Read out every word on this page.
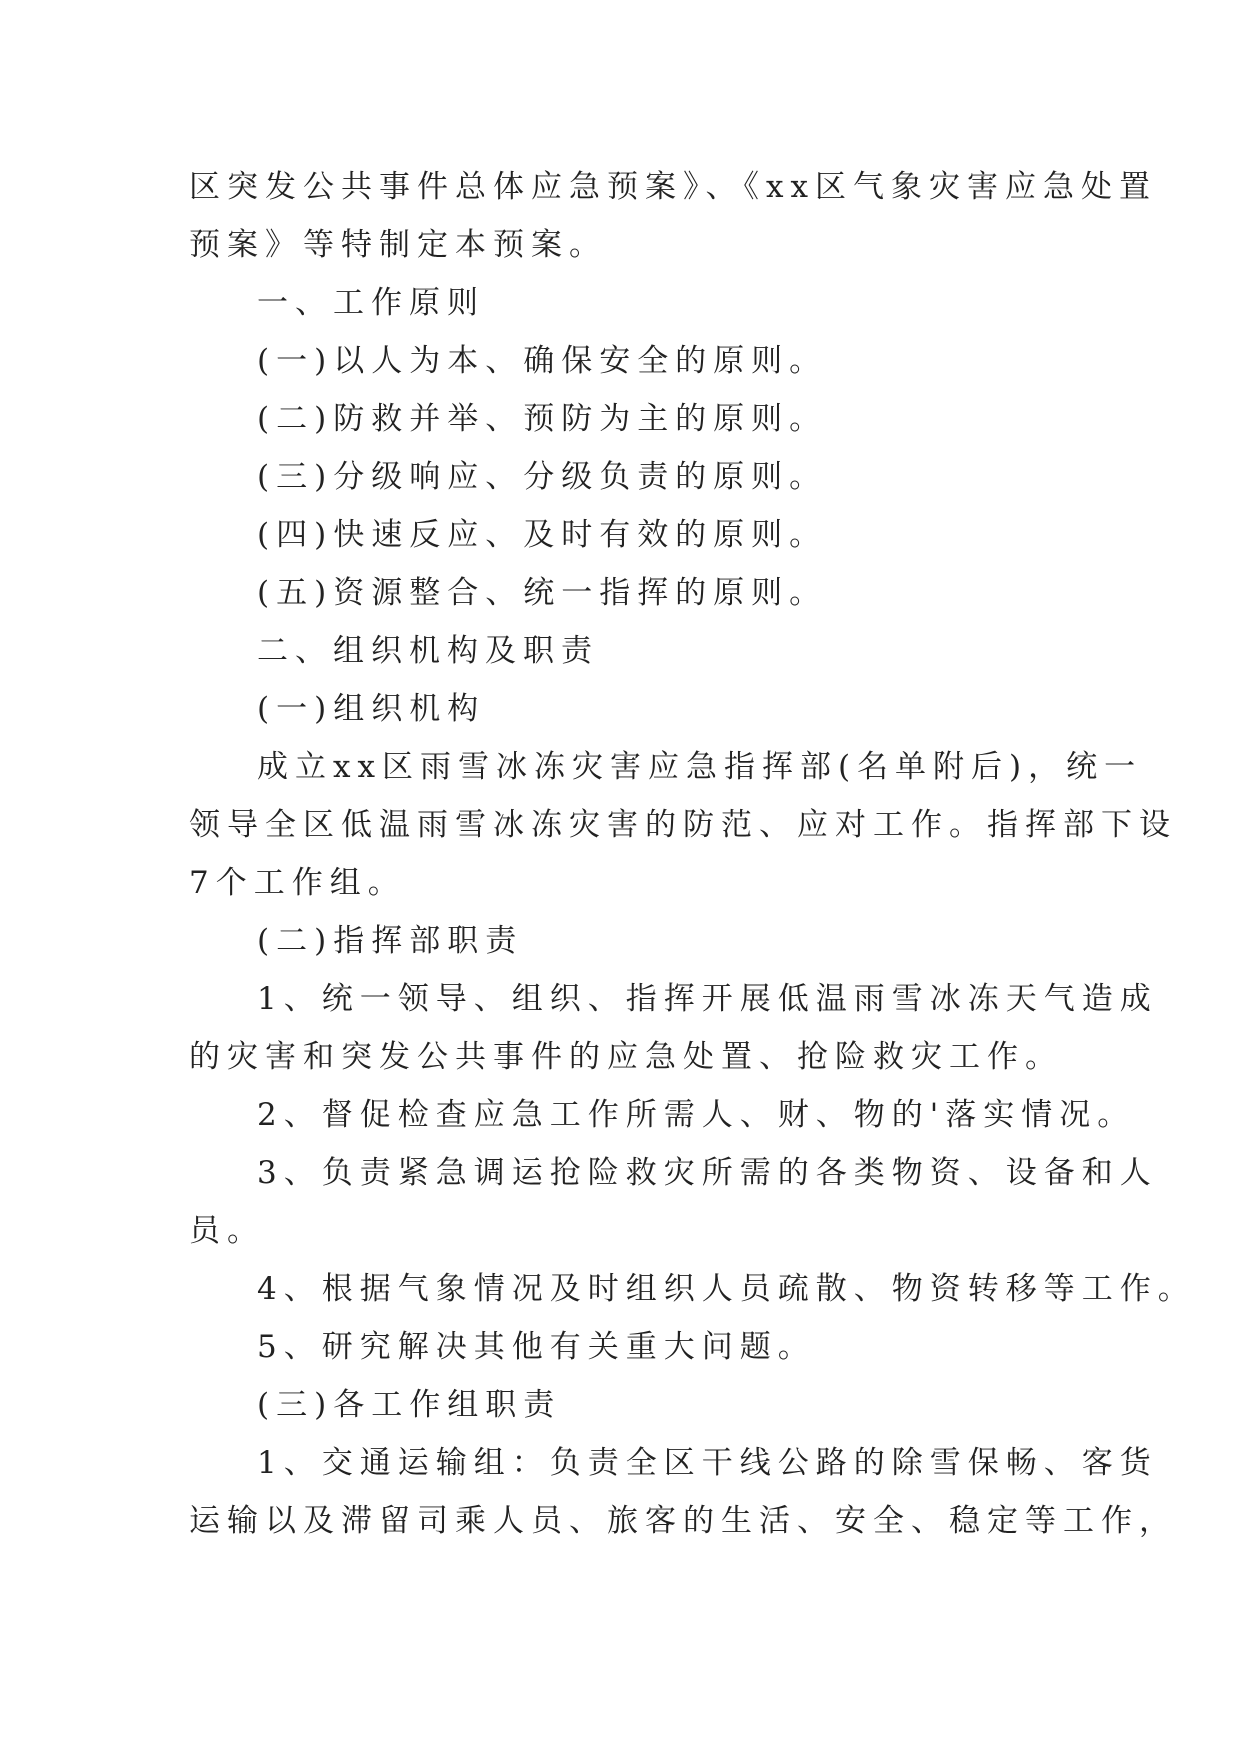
区突发公共事件总体应急预案》、《xx区气象灾害应急处置
预案》等特制定本预案。
一、工作原则
(一)以人为本、确保安全的原则。
(二)防救并举、预防为主的原则。
(三)分级响应、分级负责的原则。
(四)快速反应、及时有效的原则。
(五)资源整合、统一指挥的原则。
二、组织机构及职责
(一)组织机构
成立xx区雨雪冰冻灾害应急指挥部(名单附后)，统一
领导全区低温雨雪冰冻灾害的防范、应对工作。指挥部下设
7个工作组。
(二)指挥部职责
1、统一领导、组织、指挥开展低温雨雪冰冻天气造成
的灾害和突发公共事件的应急处置、抢险救灾工作。
2、督促检查应急工作所需人、财、物的'落实情况。
3、负责紧急调运抢险救灾所需的各类物资、设备和人
员。
4、根据气象情况及时组织人员疏散、物资转移等工作。
5、研究解决其他有关重大问题。
(三)各工作组职责
1、交通运输组：负责全区干线公路的除雪保畅、客货
运输以及滞留司乘人员、旅客的生活、安全、稳定等工作，
